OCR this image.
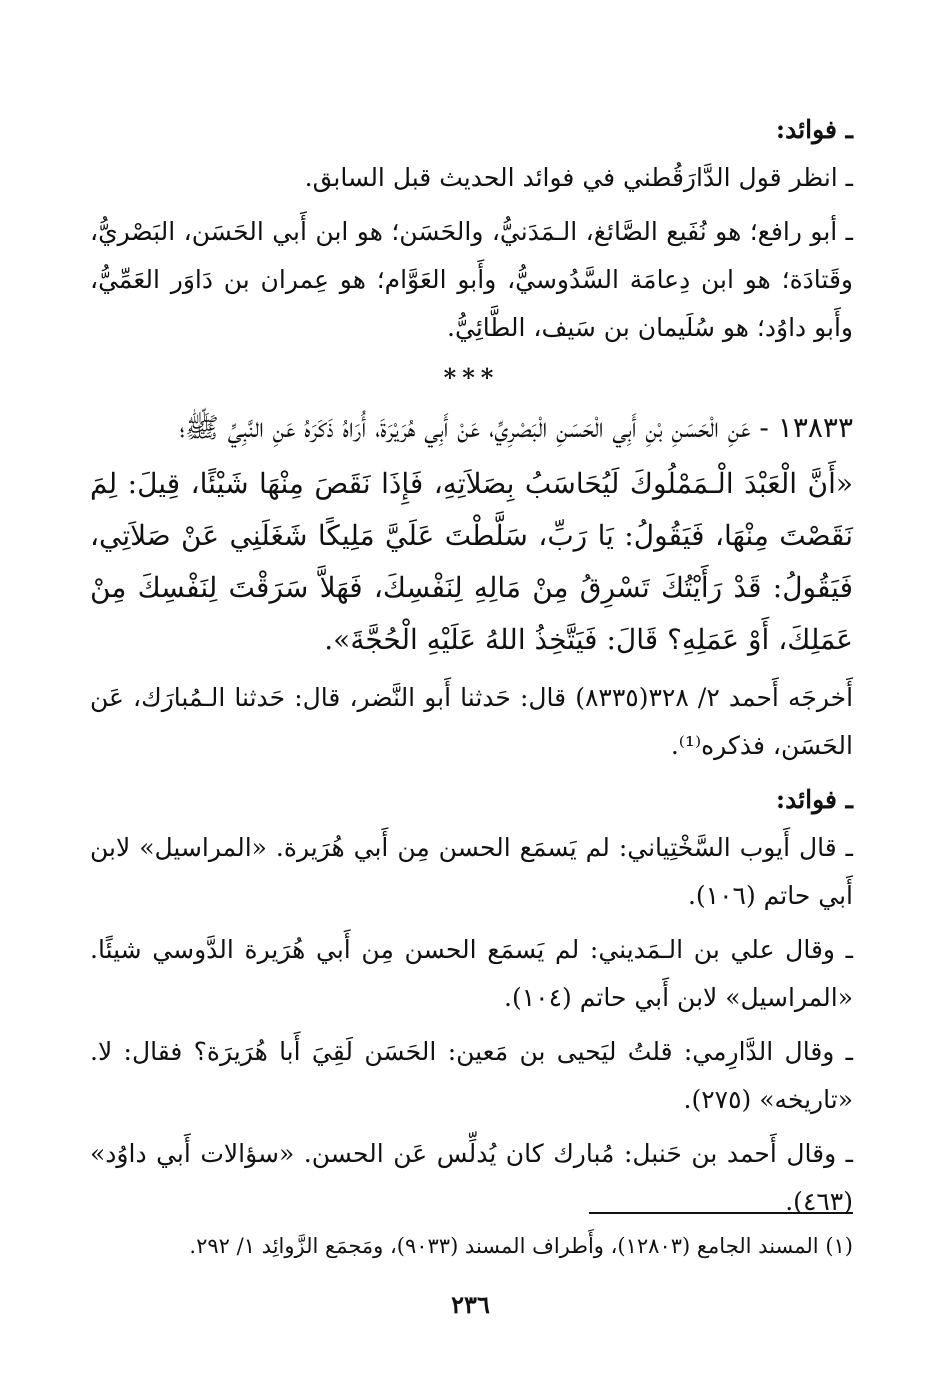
ـ فوائد:

ـ انظر قول الدَّارَقُطني في فوائد الحديث قبل السابق.

ـ أبو رافع؛ هو نُفَيع الصَّائغ، الـمَدَنيُّ، والحَسَن؛ هو ابن أَبي الحَسَن، البَصْريُّ، وقَتادَة؛ هو ابن دِعامَة السَّدُوسيُّ، وأَبو العَوَّام؛ هو عِمران بن دَاوَر العَمِّيُّ، وأَبو داوُد؛ هو سُلَيمان بن سَيف، الطَّائِيُّ.

***

١٣٨٣٣ - عَنِ الْحَسَنِ بْنِ أَبِي الْحَسَنِ الْبَصْرِيِّ، عَنْ أَبِي هُرَيْرَةَ، أُرَاهُ ذَكَرَهُ عَنِ النَّبِيِّ ﷺ؛

«أَنَّ الْعَبْدَ الْـمَمْلُوكَ لَيُحَاسَبُ بِصَلاَتِهِ، فَإِذَا نَقَصَ مِنْهَا شَيْئًا، قِيلَ: لِمَ نَقَصْتَ مِنْهَا، فَيَقُولُ: يَا رَبِّ، سَلَّطْتَ عَلَيَّ مَلِيكًا شَغَلَنِي عَنْ صَلاَتِي، فَيَقُولُ: قَدْ رَأَيْتُكَ تَسْرِقُ مِنْ مَالِهِ لِنَفْسِكَ، فَهَلاَّ سَرَقْتَ لِنَفْسِكَ مِنْ عَمَلِكَ، أَوْ عَمَلِهِ؟ قَالَ: فَيَتَّخِذُ اللهُ عَلَيْهِ الْحُجَّةَ».

أَخرجَه أَحمد ٢/ ٣٢٨(٨٣٣٥) قال: حَدثنا أَبو النَّضر، قال: حَدثنا الـمُبارَك، عَن الحَسَن، فذكره⁽¹⁾.

ـ فوائد:

ـ قال أَيوب السَّخْتِياني: لم يَسمَع الحسن مِن أَبي هُرَيرة. «المراسيل» لابن أَبي حاتم (١٠٦).

ـ وقال علي بن الـمَديني: لم يَسمَع الحسن مِن أَبي هُرَيرة الدَّوسي شيئًا. «المراسيل» لابن أَبي حاتم (١٠٤).

ـ وقال الدَّارِمي: قلتُ ليَحيى بن مَعين: الحَسَن لَقِيَ أَبا هُرَيرَة؟ فقال: لا. «تاريخه» (٢٧٥).

ـ وقال أَحمد بن حَنبل: مُبارك كان يُدلِّس عَن الحسن. «سؤالات أَبي داوُد» (٤٦٣).

(١) المسند الجامع (١٢٨٠٣)، وأَطراف المسند (٩٠٣٣)، ومَجمَع الزَّوائِد ١/ ٢٩٢.
٢٣٦
